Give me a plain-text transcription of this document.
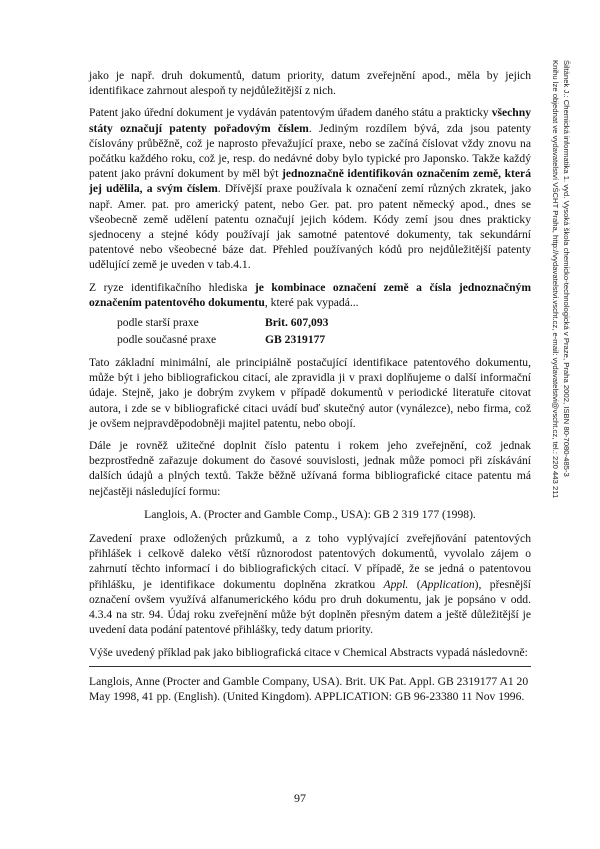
jako je např. druh dokumentů, datum priority, datum zveřejnění apod., měla by jejich identifikace zahrnout alespoň ty nejdůležitější z nich.

Patent jako úřední dokument je vydáván patentovým úřadem daného státu a prakticky všechny státy označují patenty pořadovým číslem. Jediným rozdílem bývá, zda jsou patenty číslovány průběžně, což je naprosto převažující praxe, nebo se začíná číslovat vždy znovu na počátku každého roku, což je, resp. do nedávné doby bylo typické pro Japonsko. Takže každý patent jako právní dokument by měl být jednoznačně identifikován označením země, která jej udělila, a svým číslem. Dřívější praxe používala k označení zemí různých zkratek, jako např. Amer. pat. pro americký patent, nebo Ger. pat. pro patent německý apod., dnes se všeobecně země udělení patentu označují jejich kódem. Kódy zemí jsou dnes prakticky sjednoceny a stejné kódy používají jak samotné patentové dokumenty, tak sekundární patentové nebo všeobecné báze dat. Přehled používaných kódů pro nejdůležitější patenty udělující země je uveden v tab.4.1.

Z ryze identifikačního hlediska je kombinace označení země a čísla jednoznačným označením patentového dokumentu, které pak vypadá...

podle starší praxe	Brit. 607,093
podle současné praxe	GB 2319177

Tato základní minimální, ale principiálně postačující identifikace patentového dokumentu, může být i jeho bibliografickou citací, ale zpravidla ji v praxi doplňujeme o další informační údaje. Stejně, jako je dobrým zvykem v případě dokumentů v periodické literatuře citovat autora, i zde se v bibliografické citaci uvádí buď skutečný autor (vynálezce), nebo firma, což je ovšem nejpravděpodobněji majitel patentu, nebo obojí.

Dále je rovněž užitečné doplnit číslo patentu i rokem jeho zveřejnění, což jednak bezprostředně zařazuje dokument do časové souvislosti, jednak může pomoci při získávání dalších údajů a plných textů. Takže běžně užívaná forma bibliografické citace patentu má nejčastěji následující formu:

Langlois, A. (Procter and Gamble Comp., USA): GB 2 319 177 (1998).

Zavedení praxe odložených průzkumů, a z toho vyplývající zveřejňování patentových přihlášek i celkově daleko větší různorodost patentových dokumentů, vyvolalo zájem o zahrnutí těchto informací i do bibliografických citací. V případě, že se jedná o patentovou přihlášku, je identifikace dokumentu doplněna zkratkou Appl. (Application), přesnější označení ovšem využívá alfanumerického kódu pro druh dokumentu, jak je popsáno v odd. 4.3.4 na str. 94. Údaj roku zveřejnění může být doplněn přesným datem a ještě důležitější je uvedení data podání patentové přihlášky, tedy datum priority.

Výše uvedený příklad pak jako bibliografická citace v Chemical Abstracts vypadá následovně:

Langlois, Anne (Procter and Gamble Company, USA). Brit. UK Pat. Appl. GB 2319177 A1 20 May 1998, 41 pp. (English). (United Kingdom). APPLICATION: GB 96-23380 11 Nov 1996.

Šiltánek J.: Chemická informatika 1. vyd. Vysoká škola chemicko-technologická v Praze, Praha 2002, ISBN 80-7080-485-3
Knihu lze objednat ve vydavatelství VŠCHT Praha, http://vydavatelstvi.vscht.cz, e-mail: vydavatelstvi@vscht.cz, tel.: 220 443 211
97
